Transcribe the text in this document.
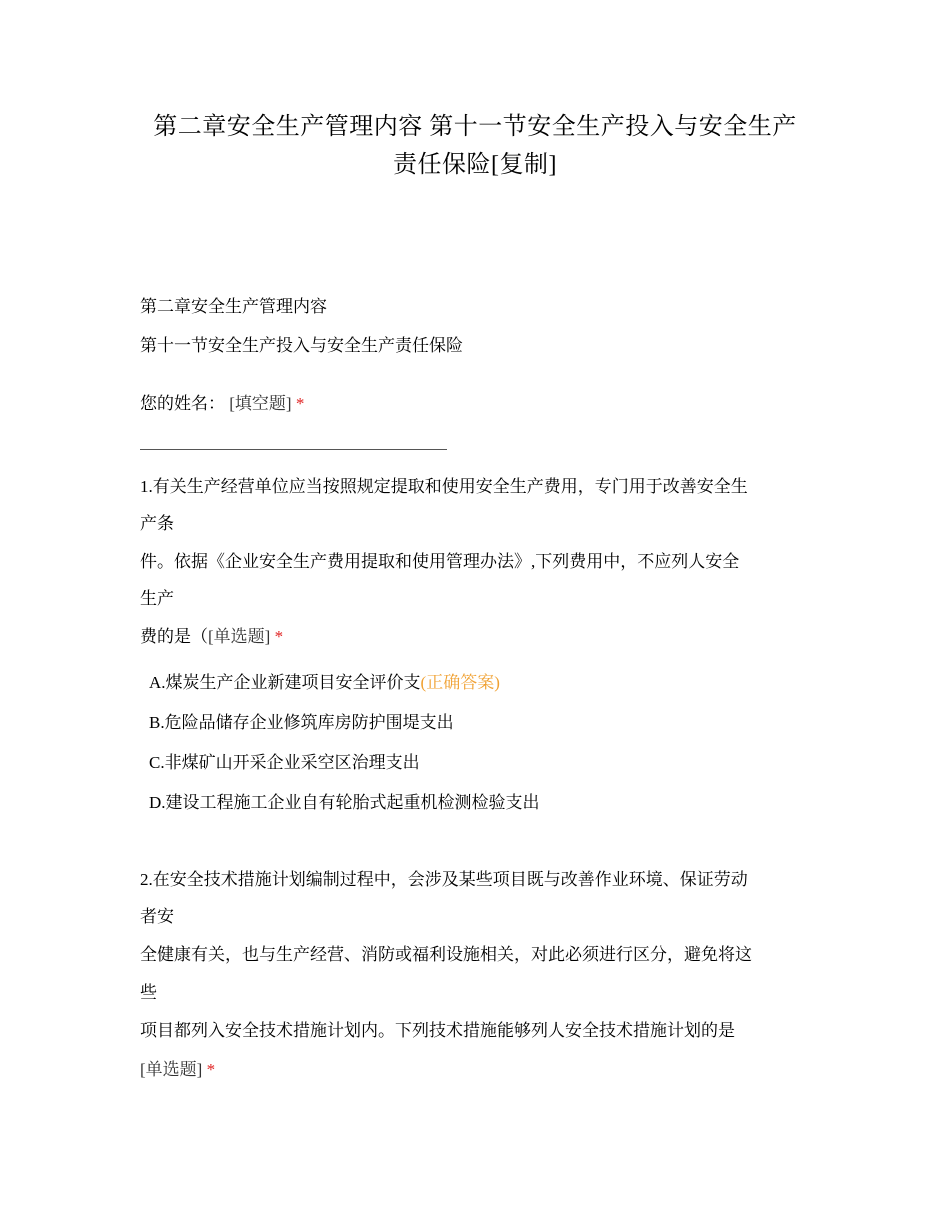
第二章安全生产管理内容 第十一节安全生产投入与安全生产
责任保险[复制]
第二章安全生产管理内容
第十一节安全生产投入与安全生产责任保险
您的姓名： [填空题] *
1.有关生产经营单位应当按照规定提取和使用安全生产费用，专门用于改善安全生
产条
件。依据《企业安全生产费用提取和使用管理办法》,下列费用中，不应列人安全
生产
费的是（[单选题] *
A.煤炭生产企业新建项目安全评价支(正确答案)
B.危险品储存企业修筑库房防护围堤支出
C.非煤矿山开采企业采空区治理支出
D.建设工程施工企业自有轮胎式起重机检测检验支出
2.在安全技术措施计划编制过程中，会涉及某些项目既与改善作业环境、保证劳动
者安
全健康有关，也与生产经营、消防或福利设施相关，对此必须进行区分，避免将这
些
项目都列入安全技术措施计划内。下列技术措施能够列人安全技术措施计划的是
[单选题] *
